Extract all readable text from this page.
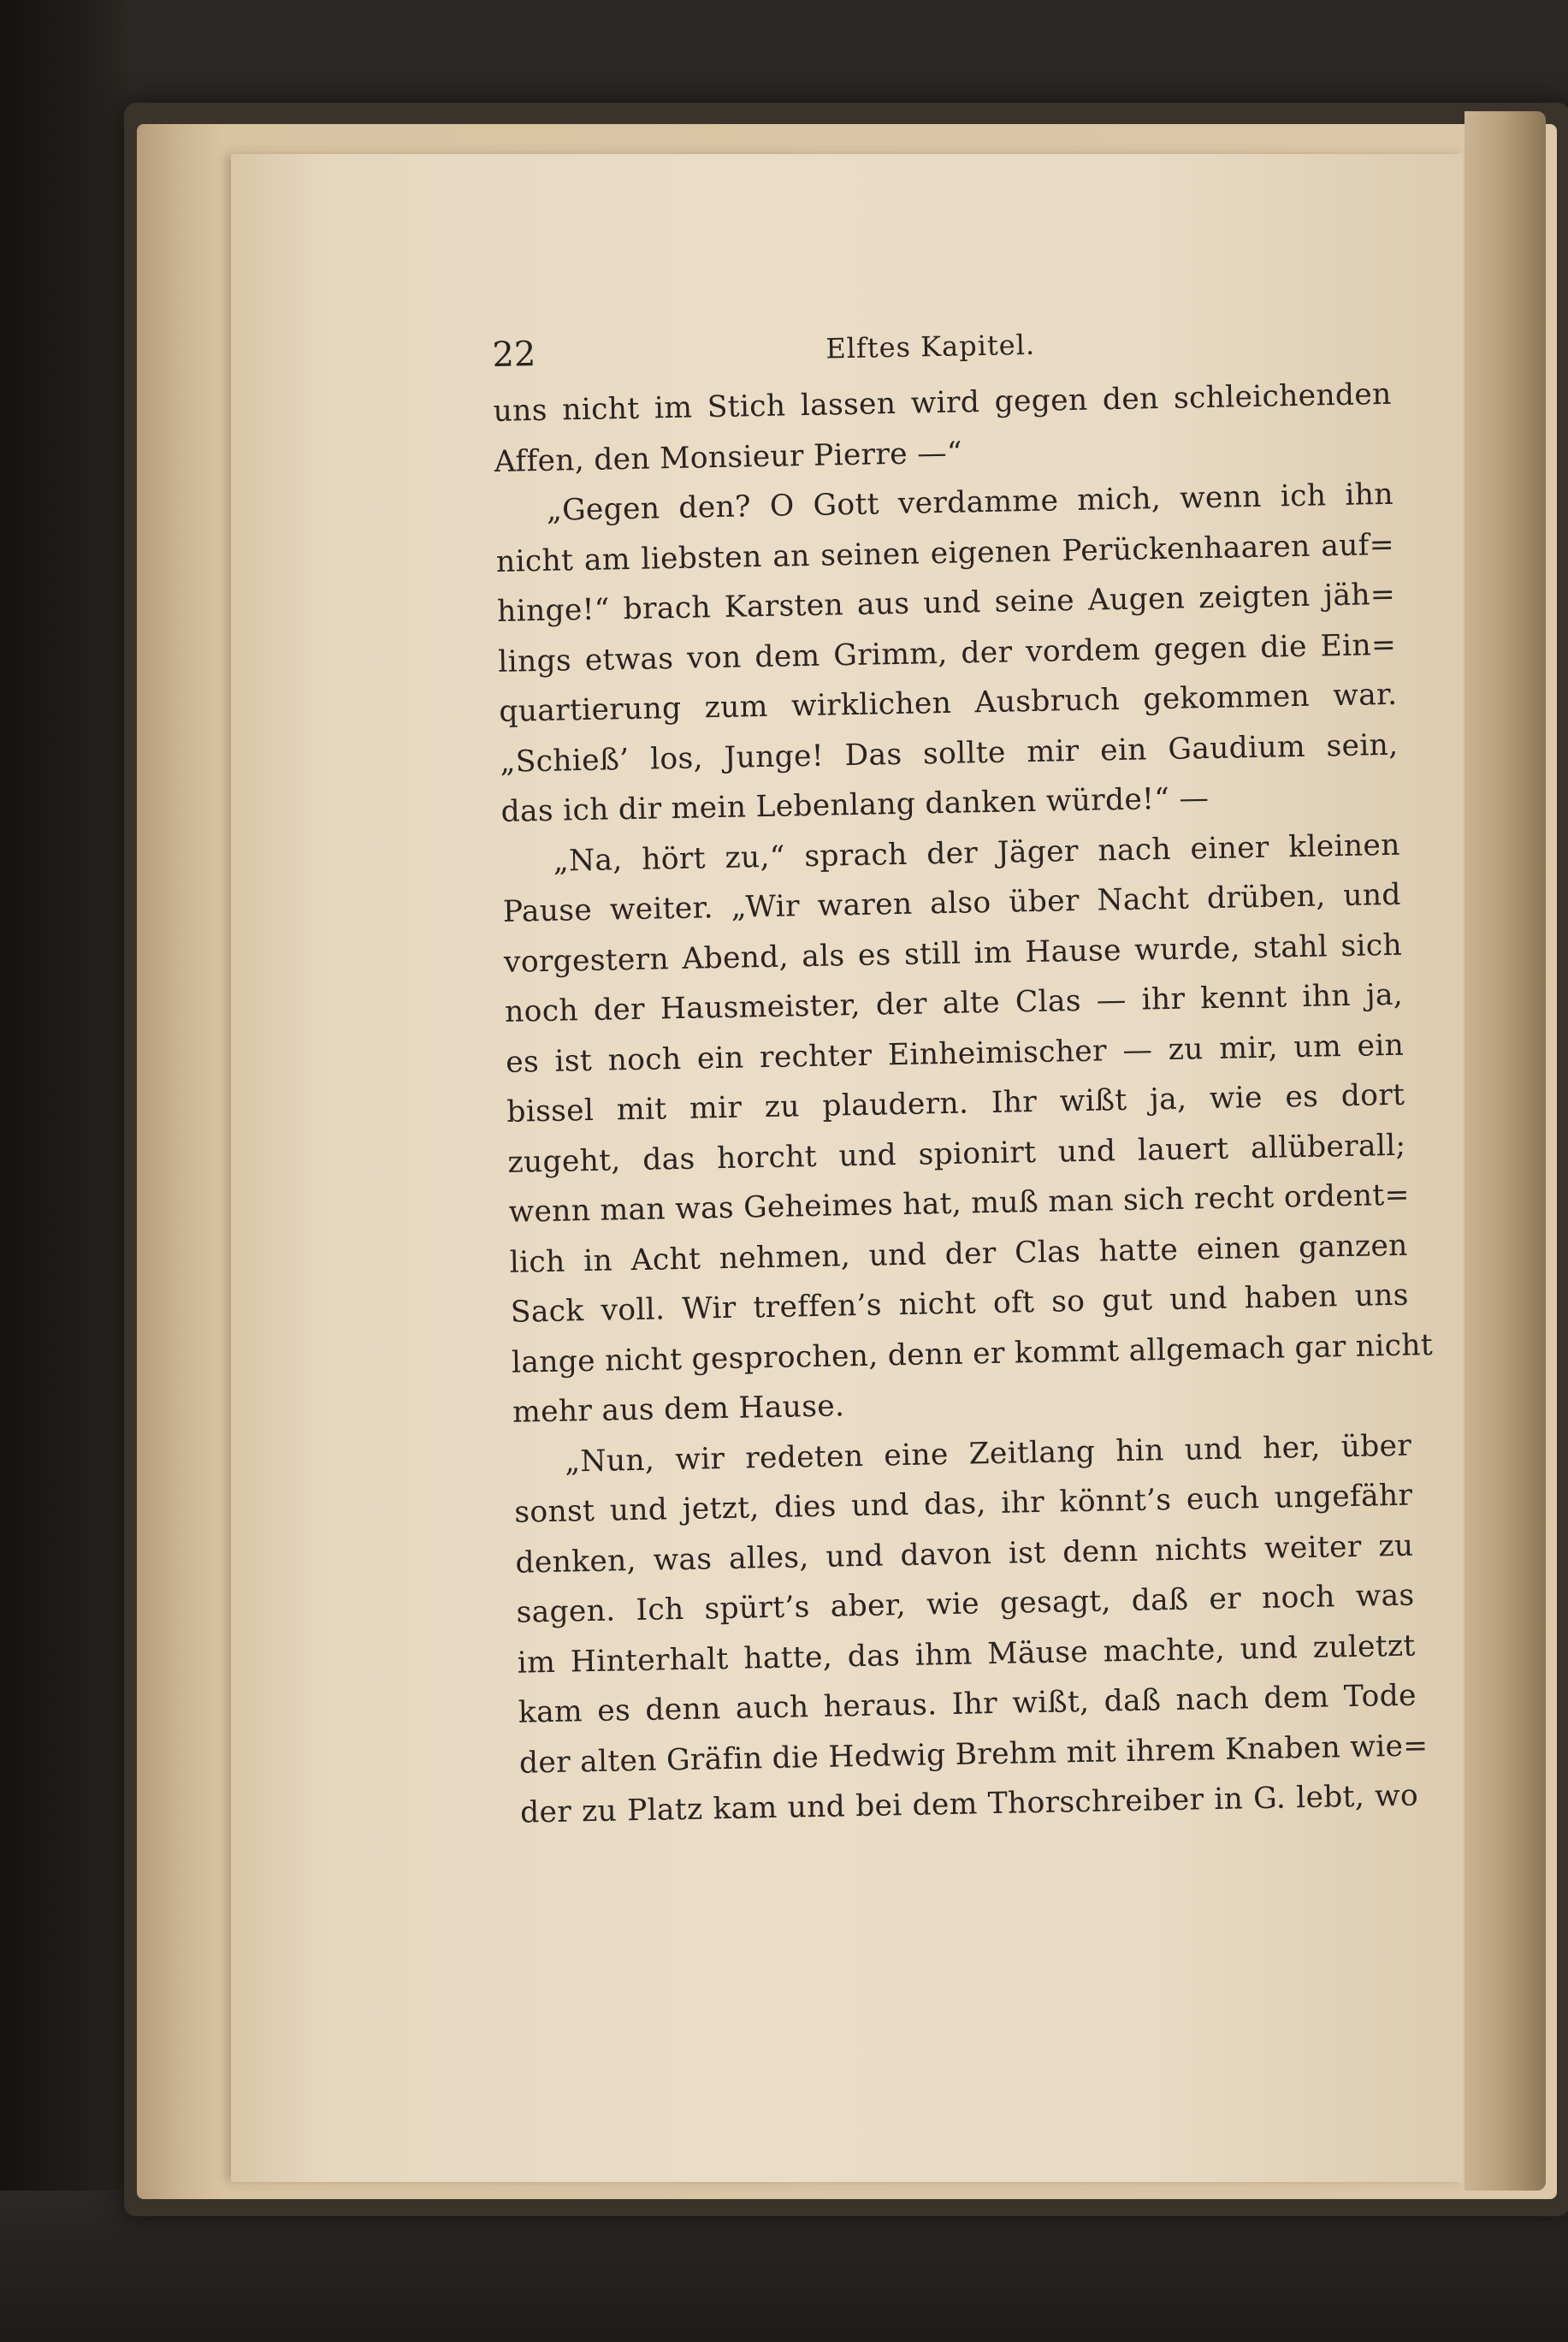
22	Elftes Kapitel.
uns nicht im Stich lassen wird gegen den schleichenden
Affen, den Monsieur Pierre —“
„Gegen den? O Gott verdamme mich, wenn ich ihn
nicht am liebsten an seinen eigenen Perückenhaaren auf=
hinge!“ brach Karsten aus und seine Augen zeigten jäh=
lings etwas von dem Grimm, der vordem gegen die Ein=
quartierung zum wirklichen Ausbruch gekommen war.
„Schieß’ los, Junge! Das sollte mir ein Gaudium sein,
das ich dir mein Lebenlang danken würde!“ —
„Na, hört zu,“ sprach der Jäger nach einer kleinen
Pause weiter. „Wir waren also über Nacht drüben, und
vorgestern Abend, als es still im Hause wurde, stahl sich
noch der Hausmeister, der alte Clas — ihr kennt ihn ja,
es ist noch ein rechter Einheimischer — zu mir, um ein
bissel mit mir zu plaudern. Ihr wißt ja, wie es dort
zugeht, das horcht und spionirt und lauert allüberall;
wenn man was Geheimes hat, muß man sich recht ordent=
lich in Acht nehmen, und der Clas hatte einen ganzen
Sack voll. Wir treffen’s nicht oft so gut und haben uns
lange nicht gesprochen, denn er kommt allgemach gar nicht
mehr aus dem Hause.
„Nun, wir redeten eine Zeitlang hin und her, über
sonst und jetzt, dies und das, ihr könnt’s euch ungefähr
denken, was alles, und davon ist denn nichts weiter zu
sagen. Ich spürt’s aber, wie gesagt, daß er noch was
im Hinterhalt hatte, das ihm Mäuse machte, und zuletzt
kam es denn auch heraus. Ihr wißt, daß nach dem Tode
der alten Gräfin die Hedwig Brehm mit ihrem Knaben wie=
der zu Platz kam und bei dem Thorschreiber in G. lebt, wo
